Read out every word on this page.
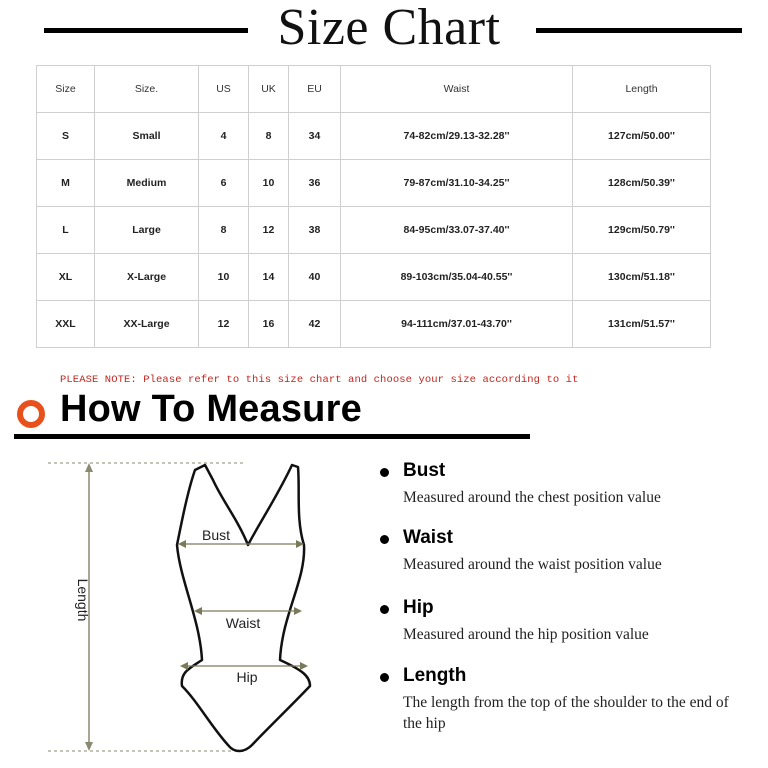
Size Chart
Size	Size.	US	UK	EU	Waist	Length
S	Small	4	8	34	74-82cm/29.13-32.28''	127cm/50.00''
M	Medium	6	10	36	79-87cm/31.10-34.25''	128cm/50.39''
L	Large	8	12	38	84-95cm/33.07-37.40''	129cm/50.79''
XL	X-Large	10	14	40	89-103cm/35.04-40.55''	130cm/51.18''
XXL	XX-Large	12	16	42	94-111cm/37.01-43.70''	131cm/51.57''
PLEASE NOTE: Please refer to this size chart and choose your size according to it
How To Measure
Length
Bust
Waist
Hip
Bust
Measured around the chest position value
Waist
Measured around the waist position value
Hip
Measured around the hip position value
Length
The length from the top of the shoulder to the end of the hip
